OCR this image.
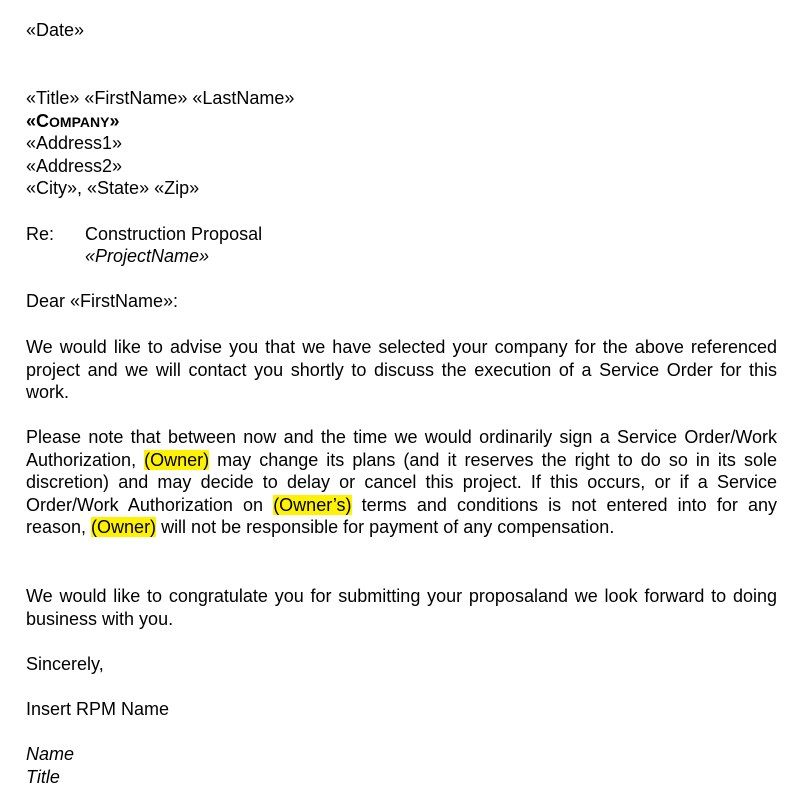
«Date»
«Title» «FirstName» «LastName»
«COMPANY»
«Address1»
«Address2»
«City», «State» «Zip»
Re: Construction Proposal
«ProjectName»
Dear «FirstName»:
We would like to advise you that we have selected your company for the above referenced project and we will contact you shortly to discuss the execution of a Service Order for this work.
Please note that between now and the time we would ordinarily sign a Service Order/Work Authorization, (Owner) may change its plans (and it reserves the right to do so in its sole discretion) and may decide to delay or cancel this project. If this occurs, or if a Service Order/Work Authorization on (Owner’s) terms and conditions is not entered into for any reason, (Owner) will not be responsible for payment of any compensation.
We would like to congratulate you for submitting your proposaland we look forward to doing business with you.
Sincerely,
Insert RPM Name
Name
Title
